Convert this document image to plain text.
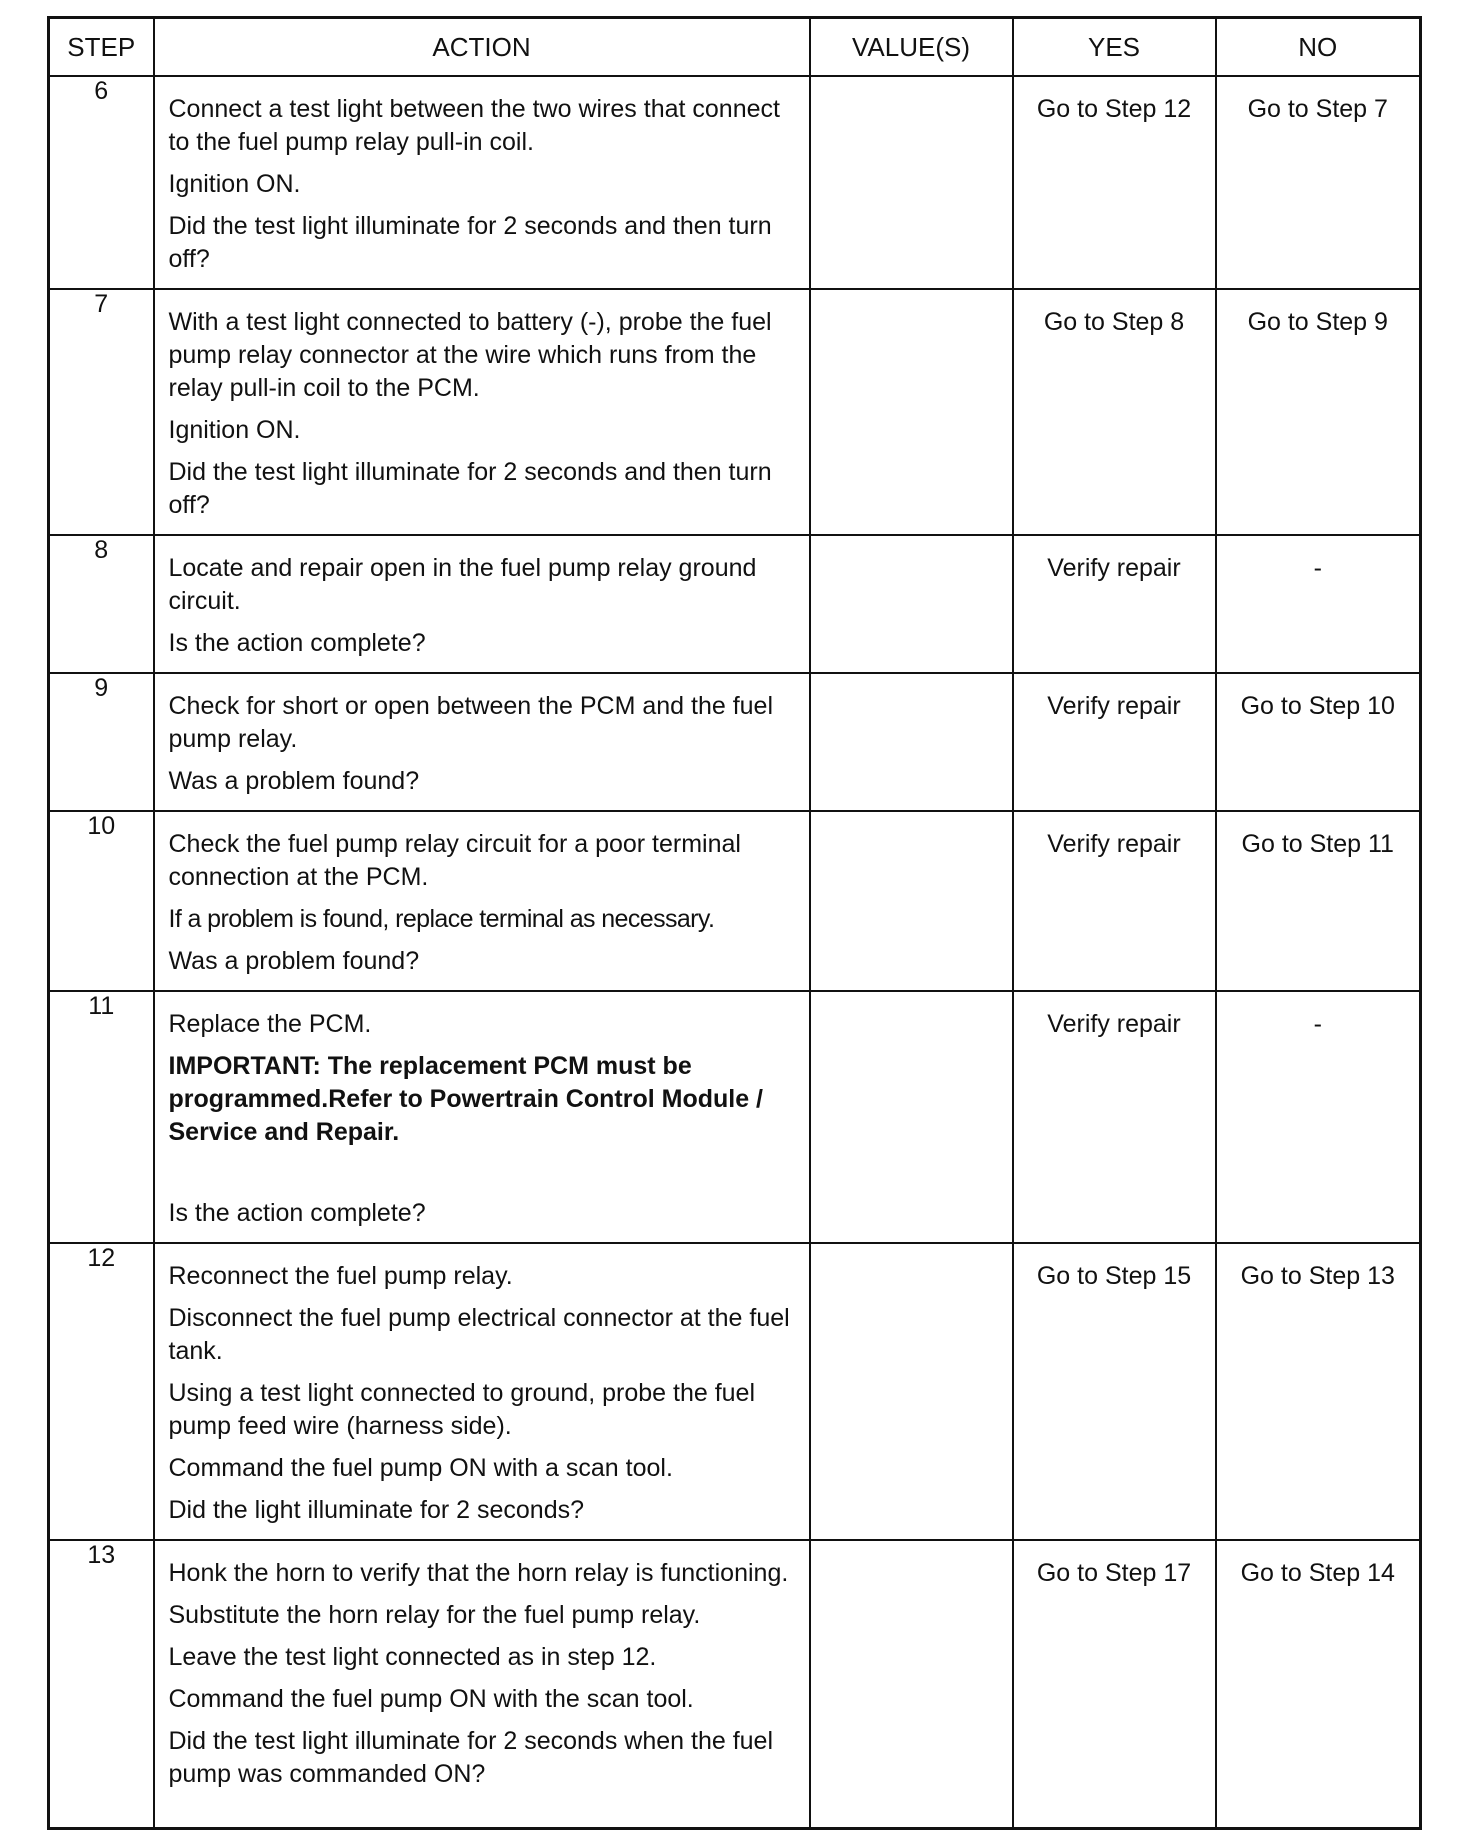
STEP	ACTION	VALUE(S)	YES	NO
6	Connect a test light between the two wires that connect to the fuel pump relay pull-in coil.

Ignition ON.

Did the test light illuminate for 2 seconds and then turn off?		Go to Step 12	Go to Step 7
7	With a test light connected to battery (-), probe the fuel pump relay connector at the wire which runs from the relay pull-in coil to the PCM.

Ignition ON.

Did the test light illuminate for 2 seconds and then turn off?		Go to Step 8	Go to Step 9
8	Locate and repair open in the fuel pump relay ground circuit.

Is the action complete?		Verify repair	-
9	Check for short or open between the PCM and the fuel pump relay.

Was a problem found?		Verify repair	Go to Step 10
10	Check the fuel pump relay circuit for a poor terminal connection at the PCM.

If a problem is found, replace terminal as necessary.

Was a problem found?		Verify repair	Go to Step 11
11	Replace the PCM.

IMPORTANT: The replacement PCM must be programmed.Refer to Powertrain Control Module / Service and Repair.

Is the action complete?		Verify repair	-
12	Reconnect the fuel pump relay.

Disconnect the fuel pump electrical connector at the fuel tank.

Using a test light connected to ground, probe the fuel pump feed wire (harness side).

Command the fuel pump ON with a scan tool.

Did the light illuminate for 2 seconds?		Go to Step 15	Go to Step 13
13	Honk the horn to verify that the horn relay is functioning.

Substitute the horn relay for the fuel pump relay.

Leave the test light connected as in step 12.

Command the fuel pump ON with the scan tool.

Did the test light illuminate for 2 seconds when the fuel pump was commanded ON?		Go to Step 17	Go to Step 14
